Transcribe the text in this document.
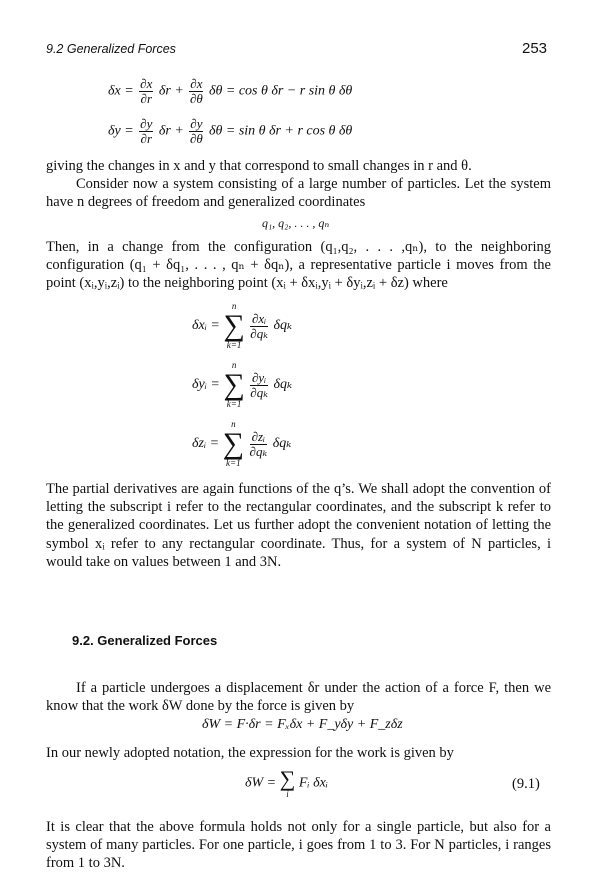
9.2 Generalized Forces	253
$\delta x = \frac{\partial x}{\partial r}$ $\delta r + \frac{\partial x}{\partial\theta}$ δθ = cos θ δr − r sin θ δθ
$\delta y = \frac{\partial y}{\partial r}$ $\delta r + \frac{\partial y}{\partial\theta}$ δθ = sin θ δr + r cos θ δθ

giving the changes in x and y that correspond to small changes in r and θ.

Consider now a system consisting of a large number of particles. Let the system have n degrees of freedom and generalized coordinates

q₁, q₂, . . . , qₙ

Then, in a change from the configuration (q₁,q₂, . . . ,qₙ), to the neighboring configuration (q₁ + δq₁, . . . , qₙ + δqₙ), a representative particle i moves from the point (xᵢ,yᵢ,zᵢ) to the neighboring point (xᵢ + δxᵢ,yᵢ + δyᵢ,zᵢ + δz) where

δxᵢ =
n
∑
k=1

$\frac{\text{∂xᵢ}}{\text{∂qₖ}}$ δqₖ
δyᵢ =
n
∑
k=1

$\frac{\text{∂yᵢ}}{\text{∂qₖ}}$ δqₖ
δzᵢ =
n
∑
k=1

$\frac{\text{∂zᵢ}}{\text{∂qₖ}}$ δqₖ

The partial derivatives are again functions of the q’s. We shall adopt the convention of letting the subscript i refer to the rectangular coordinates, and the subscript k refer to the generalized coordinates. Let us further adopt the convenient notation of letting the symbol xᵢ refer to any rectangular coordinate. Thus, for a system of N particles, i would take on values between 1 and 3N.

9.2. Generalized Forces

If a particle undergoes a displacement δr under the action of a force F, then we know that the work δW done by the force is given by

δW = F·δr = Fₓδx + F_yδy + F_zδz

In our newly adopted notation, the expression for the work is given by

δW = ∑
i
Fᵢ δxᵢ	(9.1)

It is clear that the above formula holds not only for a single particle, but also for a system of many particles. For one particle, i goes from 1 to 3. For N particles, i ranges from 1 to 3N.
